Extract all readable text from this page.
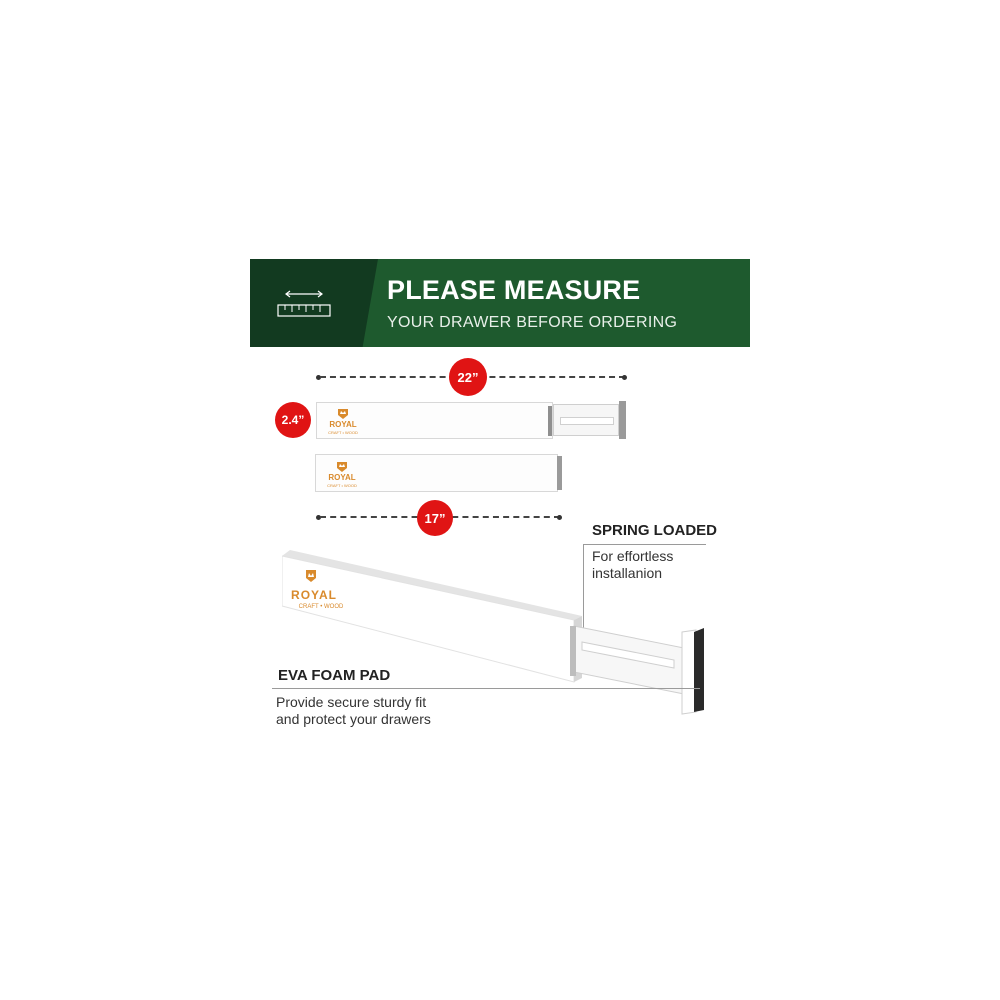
PLEASE MEASURE
YOUR DRAWER BEFORE ORDERING
22”
ROYAL
CRAFT • WOOD
2.4”
ROYAL
CRAFT • WOOD
17”
SPRING LOADED
For effortless installanion
ROYAL
CRAFT • WOOD
EVA FOAM PAD
Provide secure sturdy fit and protect your drawers
